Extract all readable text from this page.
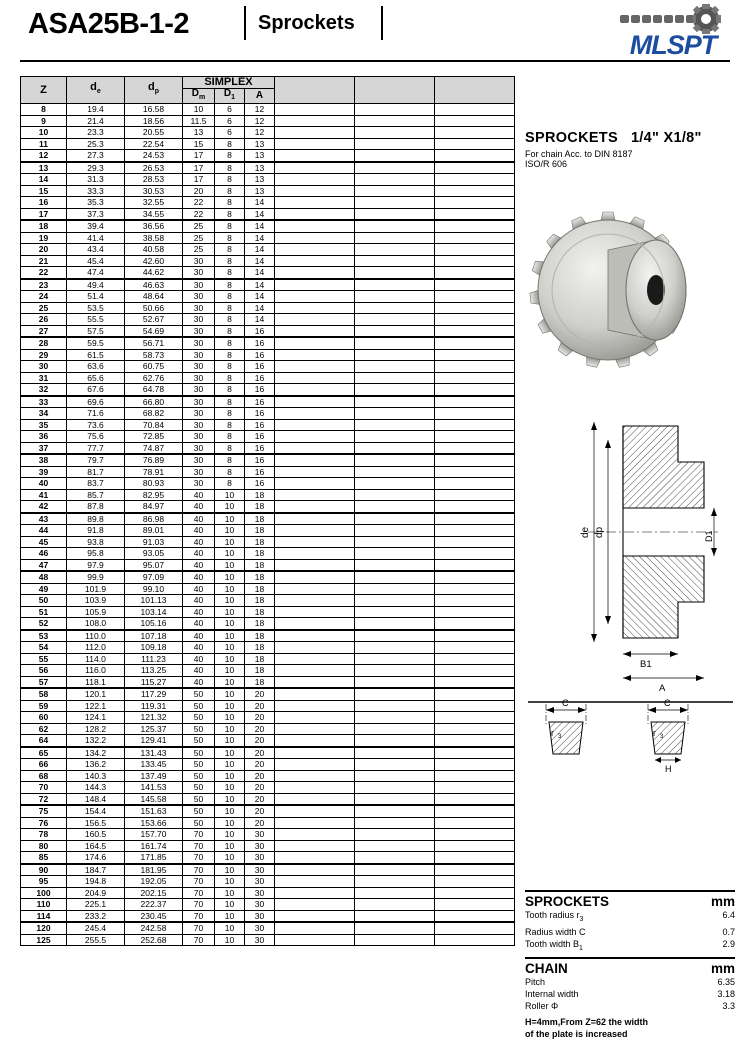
ASA25B-1-2	Sprockets
MLSPT
Z	$d_e$	$d_p$	SIMPLEX					
			$D_m$	$D_1$	A			
8	19.4	16.58	10	6	12			
9	21.4	18.56	11.5	6	12			
10	23.3	20.55	13	6	12			
11	25.3	22.54	15	8	13			
12	27.3	24.53	17	8	13			
13	29.3	26.53	17	8	13			
14	31.3	28.53	17	8	13			
15	33.3	30.53	20	8	13			
16	35.3	32.55	22	8	14			
17	37.3	34.55	22	8	14			
18	39.4	36.56	25	8	14			
19	41.4	38.58	25	8	14			
20	43.4	40.58	25	8	14			
21	45.4	42.60	30	8	14			
22	47.4	44.62	30	8	14			
23	49.4	46.63	30	8	14			
24	51.4	48.64	30	8	14			
25	53.5	50.66	30	8	14			
26	55.5	52.67	30	8	14			
27	57.5	54.69	30	8	16			
28	59.5	56.71	30	8	16			
29	61.5	58.73	30	8	16			
30	63.6	60.75	30	8	16			
31	65.6	62.76	30	8	16			
32	67.6	64.78	30	8	16			
33	69.6	66.80	30	8	16			
34	71.6	68.82	30	8	16			
35	73.6	70.84	30	8	16			
36	75.6	72.85	30	8	16			
37	77.7	74.87	30	8	16			
38	79.7	76.89	30	8	16			
39	81.7	78.91	30	8	16			
40	83.7	80.93	30	8	16			
41	85.7	82.95	40	10	18			
42	87.8	84.97	40	10	18			
43	89.8	86.98	40	10	18			
44	91.8	89.01	40	10	18			
45	93.8	91.03	40	10	18			
46	95.8	93.05	40	10	18			
47	97.9	95.07	40	10	18			
48	99.9	97.09	40	10	18			
49	101.9	99.10	40	10	18			
50	103.9	101.13	40	10	18			
51	105.9	103.14	40	10	18			
52	108.0	105.16	40	10	18			
53	110.0	107.18	40	10	18			
54	112.0	109.18	40	10	18			
55	114.0	111.23	40	10	18			
56	116.0	113.25	40	10	18			
57	118.1	115.27	40	10	18			
58	120.1	117.29	50	10	20			
59	122.1	119.31	50	10	20			
60	124.1	121.32	50	10	20			
62	128.2	125.37	50	10	20			
64	132.2	129.41	50	10	20			
65	134.2	131.43	50	10	20			
66	136.2	133.45	50	10	20			
68	140.3	137.49	50	10	20			
70	144.3	141.53	50	10	20			
72	148.4	145.58	50	10	20			
75	154.4	151.63	50	10	20			
76	156.5	153.66	50	10	20			
78	160.5	157.70	70	10	30			
80	164.5	161.74	70	10	30			
85	174.6	171.85	70	10	30			
90	184.7	181.95	70	10	30			
95	194.8	192.05	70	10	30			
100	204.9	202.15	70	10	30			
110	225.1	222.37	70	10	30			
114	233.2	230.45	70	10	30			
120	245.4	242.58	70	10	30			
125	255.5	252.68	70	10	30			
SPROCKETS 1/4" X1/8"
For chain Acc. to DIN 8187
ISO/R 606
de dp	D1
B1
A
C
r 3
C
r 3
H
SPROCKETS	mm
Tooth radius $r_3$	6.4
Radius width C	0.7
Tooth width $B_1$	2.9
CHAIN	mm
Pitch	6.35
Internal width	3.18
Roller Φ	3.3
H=4mm,From Z=62 the width
of the plate is increased
